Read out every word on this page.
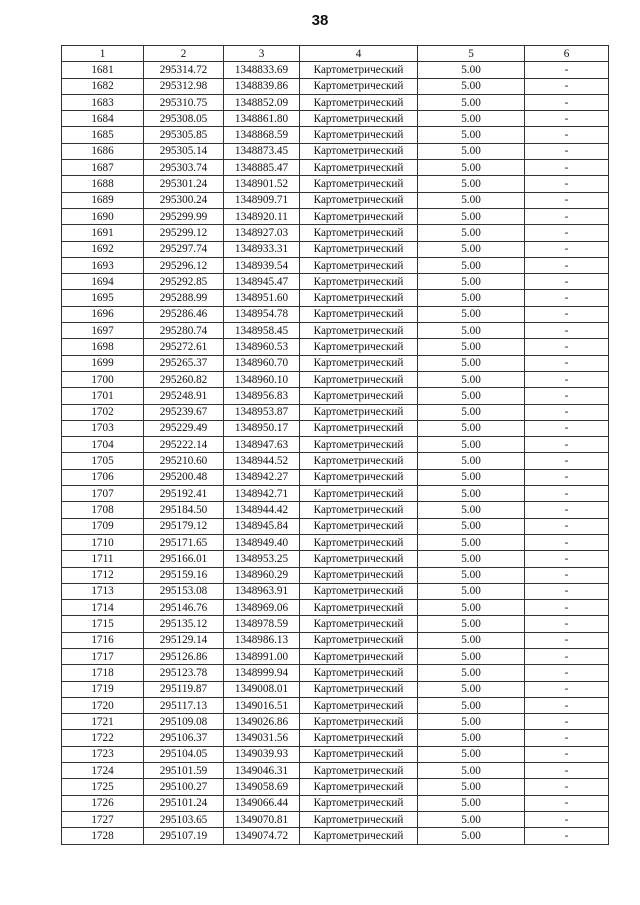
38
1	2	3	4	5	6
1681	295314.72	1348833.69	Картометрический	5.00	-
1682	295312.98	1348839.86	Картометрический	5.00	-
1683	295310.75	1348852.09	Картометрический	5.00	-
1684	295308.05	1348861.80	Картометрический	5.00	-
1685	295305.85	1348868.59	Картометрический	5.00	-
1686	295305.14	1348873.45	Картометрический	5.00	-
1687	295303.74	1348885.47	Картометрический	5.00	-
1688	295301.24	1348901.52	Картометрический	5.00	-
1689	295300.24	1348909.71	Картометрический	5.00	-
1690	295299.99	1348920.11	Картометрический	5.00	-
1691	295299.12	1348927.03	Картометрический	5.00	-
1692	295297.74	1348933.31	Картометрический	5.00	-
1693	295296.12	1348939.54	Картометрический	5.00	-
1694	295292.85	1348945.47	Картометрический	5.00	-
1695	295288.99	1348951.60	Картометрический	5.00	-
1696	295286.46	1348954.78	Картометрический	5.00	-
1697	295280.74	1348958.45	Картометрический	5.00	-
1698	295272.61	1348960.53	Картометрический	5.00	-
1699	295265.37	1348960.70	Картометрический	5.00	-
1700	295260.82	1348960.10	Картометрический	5.00	-
1701	295248.91	1348956.83	Картометрический	5.00	-
1702	295239.67	1348953.87	Картометрический	5.00	-
1703	295229.49	1348950.17	Картометрический	5.00	-
1704	295222.14	1348947.63	Картометрический	5.00	-
1705	295210.60	1348944.52	Картометрический	5.00	-
1706	295200.48	1348942.27	Картометрический	5.00	-
1707	295192.41	1348942.71	Картометрический	5.00	-
1708	295184.50	1348944.42	Картометрический	5.00	-
1709	295179.12	1348945.84	Картометрический	5.00	-
1710	295171.65	1348949.40	Картометрический	5.00	-
1711	295166.01	1348953.25	Картометрический	5.00	-
1712	295159.16	1348960.29	Картометрический	5.00	-
1713	295153.08	1348963.91	Картометрический	5.00	-
1714	295146.76	1348969.06	Картометрический	5.00	-
1715	295135.12	1348978.59	Картометрический	5.00	-
1716	295129.14	1348986.13	Картометрический	5.00	-
1717	295126.86	1348991.00	Картометрический	5.00	-
1718	295123.78	1348999.94	Картометрический	5.00	-
1719	295119.87	1349008.01	Картометрический	5.00	-
1720	295117.13	1349016.51	Картометрический	5.00	-
1721	295109.08	1349026.86	Картометрический	5.00	-
1722	295106.37	1349031.56	Картометрический	5.00	-
1723	295104.05	1349039.93	Картометрический	5.00	-
1724	295101.59	1349046.31	Картометрический	5.00	-
1725	295100.27	1349058.69	Картометрический	5.00	-
1726	295101.24	1349066.44	Картометрический	5.00	-
1727	295103.65	1349070.81	Картометрический	5.00	-
1728	295107.19	1349074.72	Картометрический	5.00	-
